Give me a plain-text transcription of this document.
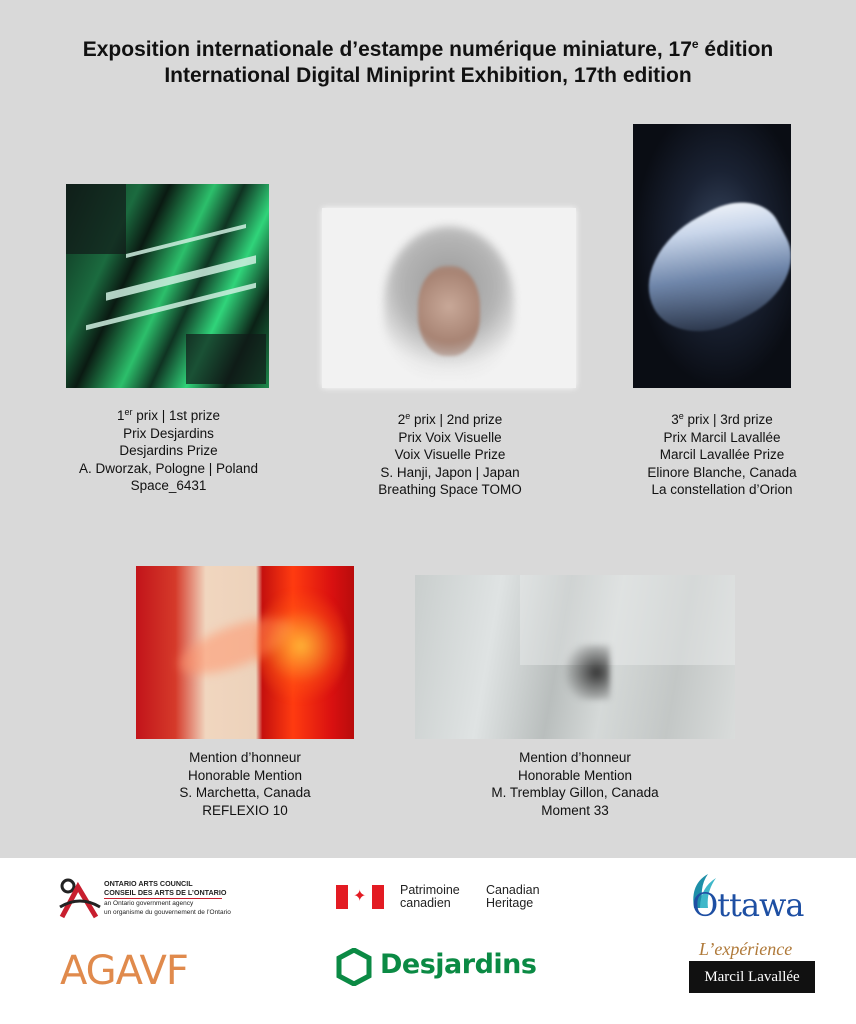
Exposition internationale d’estampe numérique miniature, 17e édition
International Digital Miniprint Exhibition, 17th edition
1er prix | 1st prize
Prix Desjardins
Desjardins Prize
A. Dworzak, Pologne | Poland
Space_6431
2e prix | 2nd prize
Prix Voix Visuelle
Voix Visuelle Prize
S. Hanji, Japon | Japan
Breathing Space TOMO
3e prix | 3rd prize
Prix Marcil Lavallée
Marcil Lavallée Prize
Elinore Blanche, Canada
La constellation d’Orion
Mention d’honneur
Honorable Mention
S. Marchetta, Canada
REFLEXIO 10
Mention d’honneur
Honorable Mention
M. Tremblay Gillon, Canada
Moment 33
ONTARIO ARTS COUNCIL
CONSEIL DES ARTS DE L’ONTARIO
an Ontario government agency
un organisme du gouvernement de l’Ontario
✦	Patrimoine
canadien
Canadian
Heritage	Ottawa
AGAVF	Desjardins	L’expérience
Marcil Lavallée
